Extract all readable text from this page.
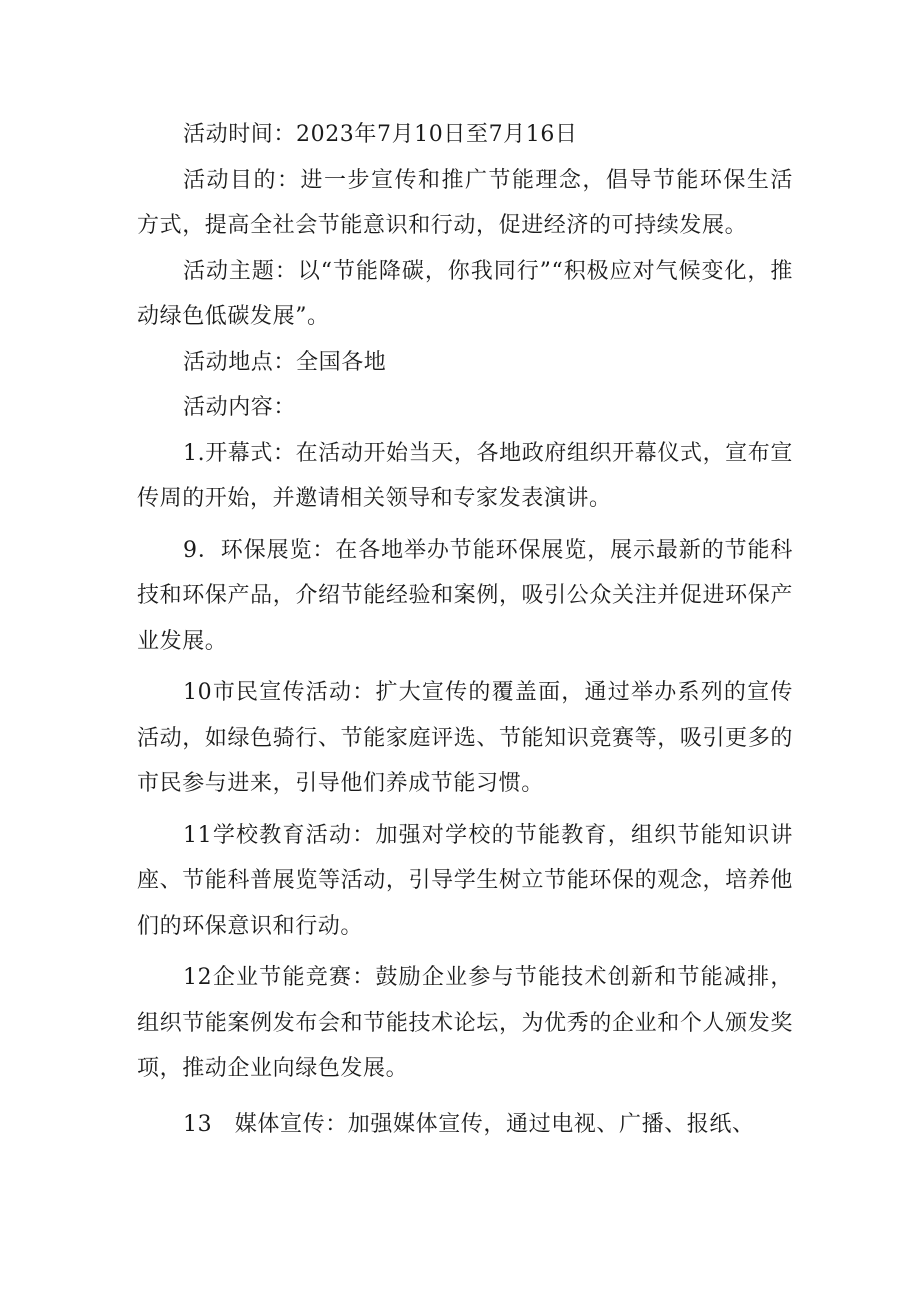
活动时间：2023年7月10日至7月16日

活动目的：进一步宣传和推广节能理念，倡导节能环保生活方式，提高全社会节能意识和行动，促进经济的可持续发展。

活动主题：以“节能降碳，你我同行”“积极应对气候变化，推动绿色低碳发展”。

活动地点：全国各地

活动内容：

1.开幕式：在活动开始当天，各地政府组织开幕仪式，宣布宣传周的开始，并邀请相关领导和专家发表演讲。

9．环保展览：在各地举办节能环保展览，展示最新的节能科技和环保产品，介绍节能经验和案例，吸引公众关注并促进环保产业发展。

10市民宣传活动：扩大宣传的覆盖面，通过举办系列的宣传活动，如绿色骑行、节能家庭评选、节能知识竞赛等，吸引更多的市民参与进来，引导他们养成节能习惯。

11学校教育活动：加强对学校的节能教育，组织节能知识讲座、节能科普展览等活动，引导学生树立节能环保的观念，培养他们的环保意识和行动。

12企业节能竞赛：鼓励企业参与节能技术创新和节能减排，组织节能案例发布会和节能技术论坛，为优秀的企业和个人颁发奖项，推动企业向绿色发展。

13　媒体宣传：加强媒体宣传，通过电视、广播、报纸、
